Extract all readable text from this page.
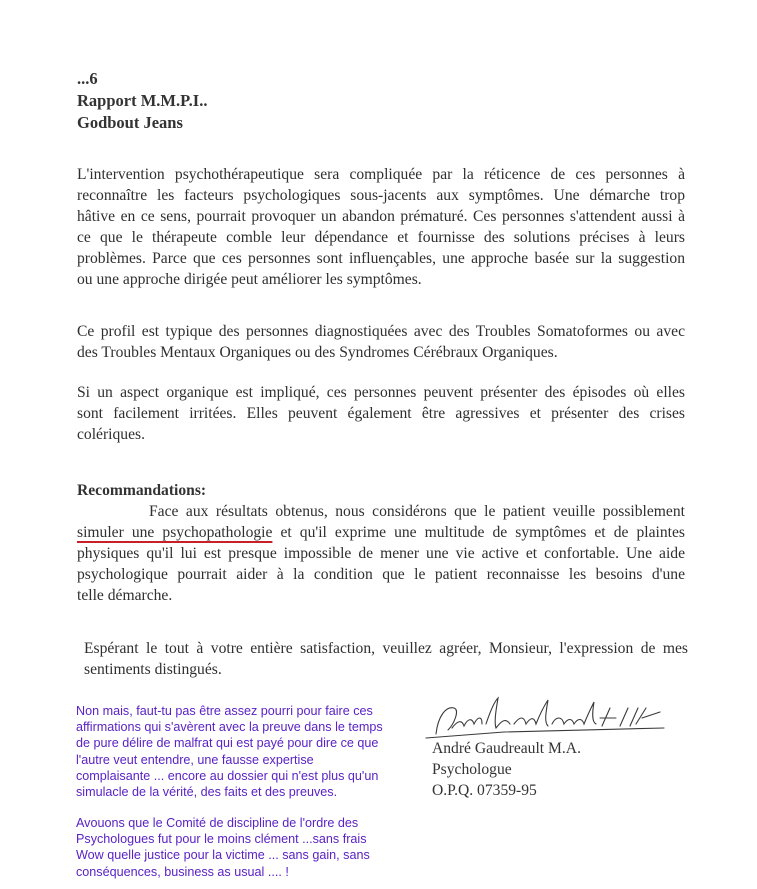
...6
Rapport M.M.P.I..
Godbout Jeans
L'intervention psychothérapeutique sera compliquée par la réticence de ces personnes à
reconnaître les facteurs psychologiques sous-jacents aux symptômes. Une démarche trop
hâtive en ce sens, pourrait provoquer un abandon prématuré. Ces personnes s'attendent aussi à
ce que le thérapeute comble leur dépendance et fournisse des solutions précises à leurs
problèmes. Parce que ces personnes sont influençables, une approche basée sur la suggestion
ou une approche dirigée peut améliorer les symptômes.
Ce profil est typique des personnes diagnostiquées avec des Troubles Somatoformes ou avec
des Troubles Mentaux Organiques ou des Syndromes Cérébraux Organiques.
Si un aspect organique est impliqué, ces personnes peuvent présenter des épisodes où elles
sont facilement irritées. Elles peuvent également être agressives et présenter des crises
colériques.
Recommandations:
Face aux résultats obtenus, nous considérons que le patient veuille possiblement
simuler une psychopathologie et qu'il exprime une multitude de symptômes et de plaintes
physiques qu'il lui est presque impossible de mener une vie active et confortable. Une aide
psychologique pourrait aider à la condition que le patient reconnaisse les besoins d'une
telle démarche.
Espérant le tout à votre entière satisfaction, veuillez agréer, Monsieur, l'expression de mes
sentiments distingués.
Non mais, faut-tu pas être assez pourri pour faire ces
affirmations qui s'avèrent avec la preuve dans le temps
de pure délire de malfrat qui est payé pour dire ce que
l'autre veut entendre, une fausse expertise
complaisante ... encore au dossier qui n'est plus qu'un
simulacle de la vérité, des faits et des preuves.
Avouons que le Comité de discipline de l'ordre des
Psychologues fut pour le moins clément ...sans frais
Wow quelle justice pour la victime ... sans gain, sans
conséquences, business as usual .... !
André Gaudreault M.A.
Psychologue
O.P.Q. 07359-95
